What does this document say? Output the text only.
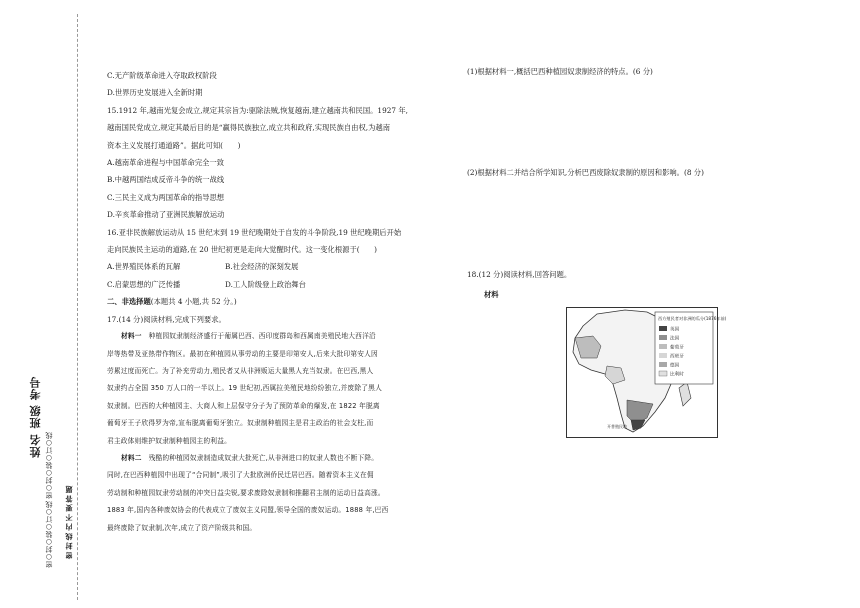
姓名 班级 考号
密○封○装○订○线 密○封○装○订○线 密 封 线 内 不 要 答 题
C.无产阶级革命进入夺取政权阶段
D.世界历史发展进入全新时期
15.1912 年,越南光复会成立,规定其宗旨为:驱除法贼,恢复越南,建立越南共和民国。1927 年,
越南国民党成立,规定其最后目的是“赢得民族独立,成立共和政府,实现民族自由权,为越南
资本主义发展打通道路”。据此可知(　　)
A.越南革命进程与中国革命完全一致
B.中越两国结成反帝斗争的统一战线
C.三民主义成为两国革命的指导思想
D.辛亥革命推动了亚洲民族解放运动
16.亚非民族解放运动从 15 世纪末到 19 世纪晚期处于自发的斗争阶段,19 世纪晚期后开始
走向民族民主运动的道路,在 20 世纪初更是走向大觉醒时代。这一变化根源于(　　)
A.世界殖民体系的瓦解	B.社会经济的深刻发展
C.启蒙思想的广泛传播	D.工人阶级登上政治舞台
二、非选择题(本题共 4 小题,共 52 分。)
17.(14 分)阅读材料,完成下列要求。
材料一　 种植园奴隶制经济盛行于葡属巴西、西印度群岛和西属南美殖民地大西洋沿
岸等热带及亚热带作物区。最初在种植园从事劳动的主要是印第安人,后来大批印第安人因
劳累过度而死亡。为了补充劳动力,殖民者又从非洲贩运大量黑人充当奴隶。在巴西,黑人
奴隶约占全国 350 万人口的一半以上。19 世纪初,西属拉美殖民地纷纷独立,并废除了黑人
奴隶制。巴西的大种植园主、大商人和上层保守分子为了预防革命的爆发,在 1822 年脱离
葡萄牙王子欣得罗为帝,宣布脱离葡萄牙独立。奴隶制种植园主是君主政治的社会支柱,而
君主政体则维护奴隶制种植园主的利益。
材料二　 残酷的种植园奴隶制造成奴隶大批死亡,从非洲进口的奴隶人数也不断下降。
同时,在巴西种植园中出现了“合同制”,吸引了大批欧洲侨民迁居巴西。随着资本主义在佣
劳动制和种植园奴隶劳动制的冲突日益尖锐,要求废除奴隶制和推翻君主制的运动日益高涨。
1883 年,国内各种废奴协会的代表成立了废奴主义同盟,领导全国的废奴运动。1888 年,巴西
最终废除了奴隶制,次年,成立了资产阶级共和国。
(1)根据材料一,概括巴西种植园奴隶制经济的特点。(6 分)
(2)根据材料二并结合所学知识,分析巴西废除奴隶制的原因和影响。(8 分)
18.(12 分)阅读材料,回答问题。
材料
西方殖民者对非洲的瓜分(1876年前)
英国
法国
葡萄牙
西班牙
德国
比利时
开普殖民地
